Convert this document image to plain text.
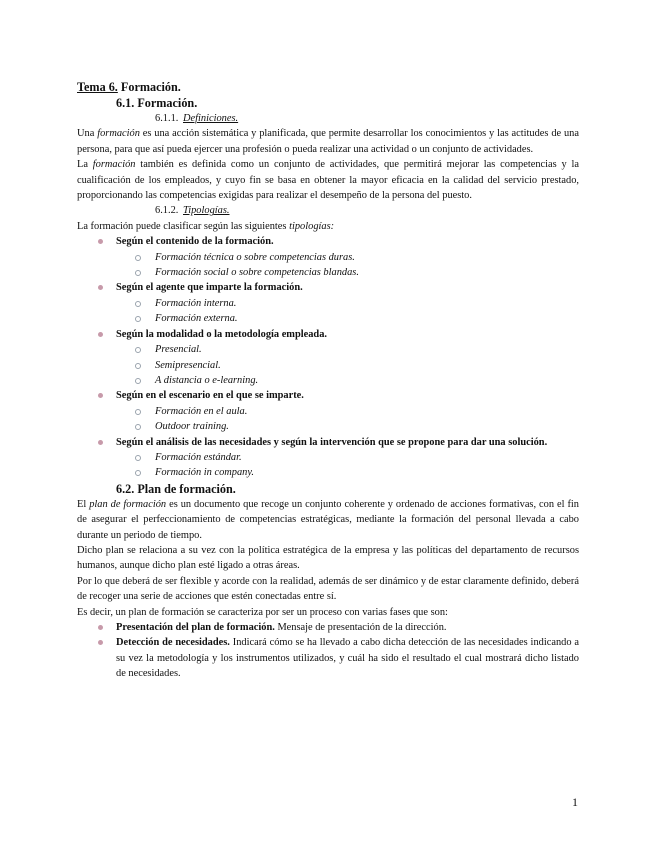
Tema 6. Formación.
6.1. Formación.
6.1.1. Definiciones.

Una formación es una acción sistemática y planificada, que permite desarrollar los conocimientos y las actitudes de una persona, para que así pueda ejercer una profesión o pueda realizar una actividad o un conjunto de actividades.

La formación también es definida como un conjunto de actividades, que permitirá mejorar las competencias y la cualificación de los empleados, y cuyo fin se basa en obtener la mayor eficacia en la calidad del servicio prestado, proporcionando las competencias exigidas para realizar el desempeño de la persona del puesto.

6.1.2. Tipologías.

La formación puede clasificar según las siguientes tipologías:

Según el contenido de la formación.
Formación técnica o sobre competencias duras.
Formación social o sobre competencias blandas.
Según el agente que imparte la formación.
Formación interna.
Formación externa.
Según la modalidad o la metodología empleada.
Presencial.
Semipresencial.
A distancia o e-learning.
Según en el escenario en el que se imparte.
Formación en el aula.
Outdoor training.
Según el análisis de las necesidades y según la intervención que se propone para dar una solución.
Formación estándar.
Formación in company.
6.2. Plan de formación.

El plan de formación es un documento que recoge un conjunto coherente y ordenado de acciones formativas, con el fin de asegurar el perfeccionamiento de competencias estratégicas, mediante la formación del personal llevada a cabo durante un periodo de tiempo.

Dicho plan se relaciona a su vez con la política estratégica de la empresa y las políticas del departamento de recursos humanos, aunque dicho plan esté ligado a otras áreas.

Por lo que deberá de ser flexible y acorde con la realidad, además de ser dinámico y de estar claramente definido, deberá de recoger una serie de acciones que estén conectadas entre sí.

Es decir, un plan de formación se caracteriza por ser un proceso con varias fases que son:

Presentación del plan de formación. Mensaje de presentación de la dirección.
Detección de necesidades. Indicará cómo se ha llevado a cabo dicha detección de las necesidades indicando a su vez la metodología y los instrumentos utilizados, y cuál ha sido el resultado el cual mostrará dicho listado de necesidades.
1
